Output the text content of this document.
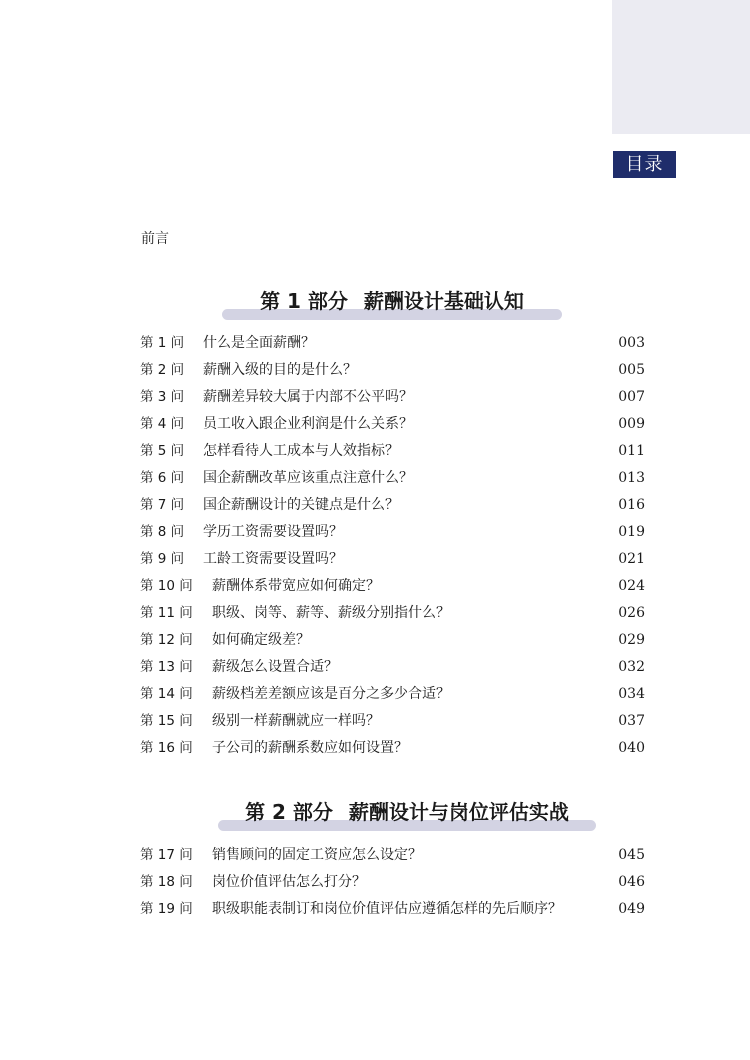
目录
前言
第 1 部分 薪酬设计基础认知
第 1 问 什么是全面薪酬？	003
第 2 问 薪酬入级的目的是什么？	005
第 3 问 薪酬差异较大属于内部不公平吗？	007
第 4 问 员工收入跟企业利润是什么关系？	009
第 5 问 怎样看待人工成本与人效指标？	011
第 6 问 国企薪酬改革应该重点注意什么？	013
第 7 问 国企薪酬设计的关键点是什么？	016
第 8 问 学历工资需要设置吗？	019
第 9 问 工龄工资需要设置吗？	021
第 10 问 薪酬体系带宽应如何确定？	024
第 11 问 职级、岗等、薪等、薪级分别指什么？	026
第 12 问 如何确定级差？	029
第 13 问 薪级怎么设置合适？	032
第 14 问 薪级档差差额应该是百分之多少合适？	034
第 15 问 级别一样薪酬就应一样吗？	037
第 16 问 子公司的薪酬系数应如何设置？	040
第 2 部分 薪酬设计与岗位评估实战
第 17 问 销售顾问的固定工资应怎么设定？	045
第 18 问 岗位价值评估怎么打分？	046
第 19 问 职级职能表制订和岗位价值评估应遵循怎样的先后顺序？	049
